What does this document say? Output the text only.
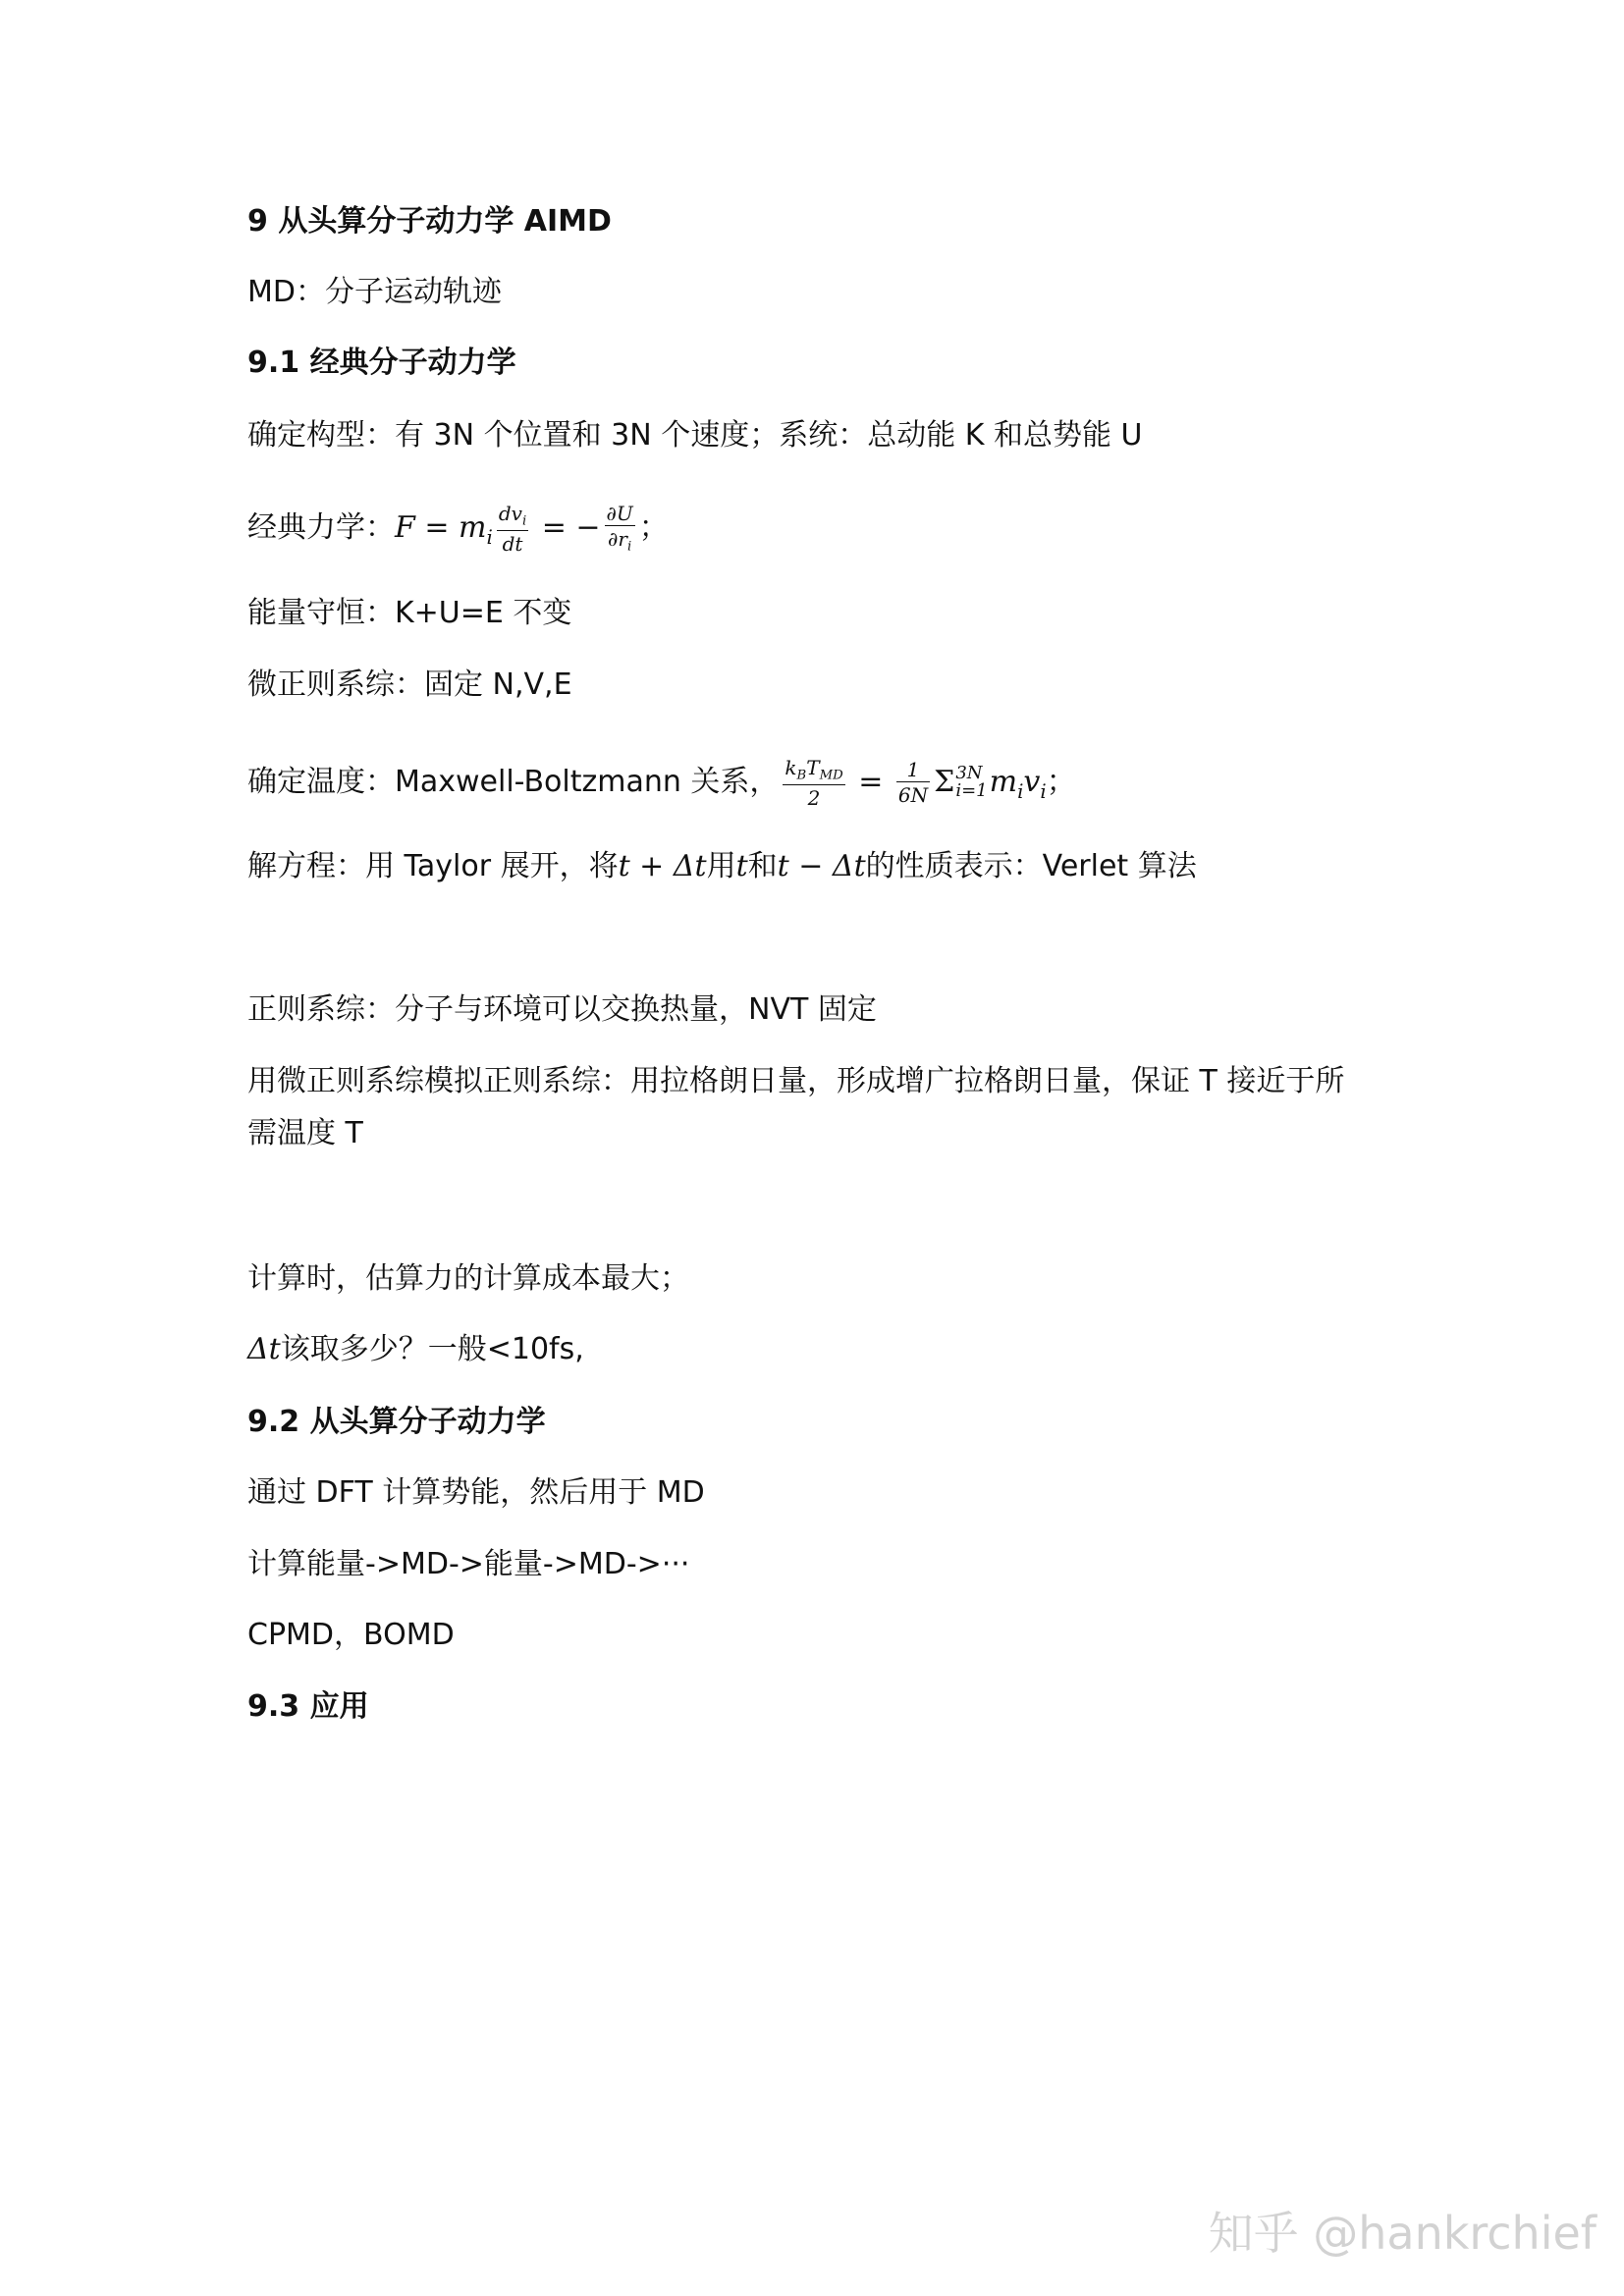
9 从头算分子动力学 AIMD
MD：分子运动轨迹
9.1 经典分子动力学
确定构型：有 3N 个位置和 3N 个速度；系统：总动能 K 和总势能 U
经典力学：$F = m_i \frac{dv_i}{dt}$ = − $\frac{\partial U}{\partial r_i}$ ；
能量守恒：K+U=E 不变
微正则系综：固定 N,V,E
确定温度：Maxwell-Boltzmann 关系， $\frac{k_BT_{MD}}{2} = \frac{1}{6N}$ Σ 3N
i=1 $m_iv_i$；
解方程：用 Taylor 展开，将t + Δt用t和t − Δt的性质表示：Verlet 算法
正则系综：分子与环境可以交换热量，NVT 固定
用微正则系综模拟正则系综：用拉格朗日量，形成增广拉格朗日量，保证 T 接近于所
需温度 T
计算时，估算力的计算成本最大；
Δt该取多少？一般<10fs,
9.2 从头算分子动力学
通过 DFT 计算势能，然后用于 MD
计算能量->MD->能量->MD->···
CPMD，BOMD
9.3 应用
知乎 @hankrchief
